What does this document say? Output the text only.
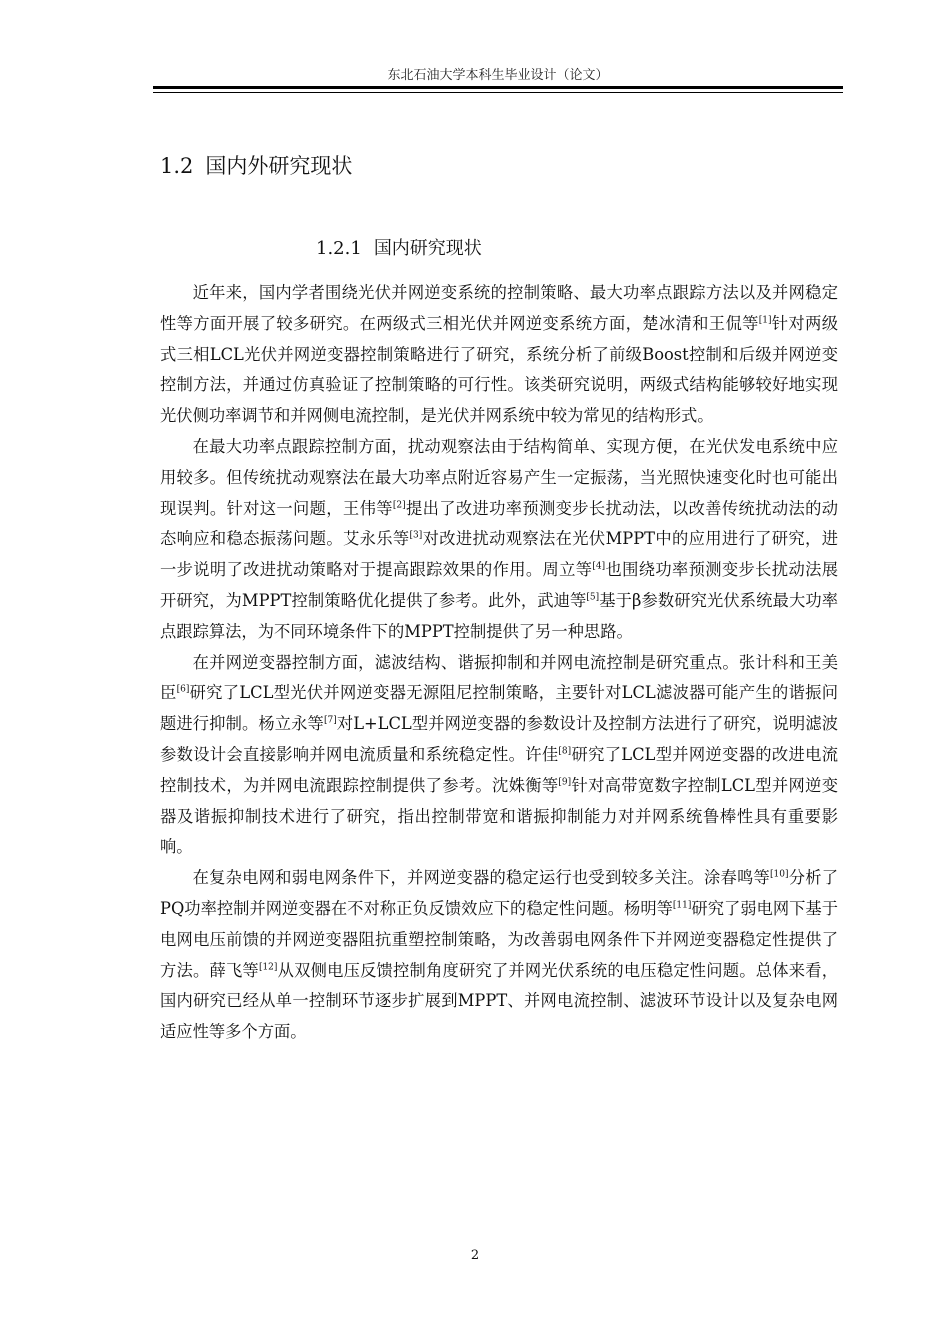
东北石油大学本科生毕业设计（论文）
1.2 国内外研究现状
1.2.1 国内研究现状

近年来，国内学者围绕光伏并网逆变系统的控制策略、最大功率点跟踪方法以及并网稳定性等方面开展了较多研究。在两级式三相光伏并网逆变系统方面，楚冰清和王侃等[1]针对两级式三相LCL光伏并网逆变器控制策略进行了研究，系统分析了前级Boost控制和后级并网逆变控制方法，并通过仿真验证了控制策略的可行性。该类研究说明，两级式结构能够较好地实现光伏侧功率调节和并网侧电流控制，是光伏并网系统中较为常见的结构形式。

在最大功率点跟踪控制方面，扰动观察法由于结构简单、实现方便，在光伏发电系统中应用较多。但传统扰动观察法在最大功率点附近容易产生一定振荡，当光照快速变化时也可能出现误判。针对这一问题，王伟等[2]提出了改进功率预测变步长扰动法，以改善传统扰动法的动态响应和稳态振荡问题。艾永乐等[3]对改进扰动观察法在光伏MPPT中的应用进行了研究，进一步说明了改进扰动策略对于提高跟踪效果的作用。周立等[4]也围绕功率预测变步长扰动法展开研究，为MPPT控制策略优化提供了参考。此外，武迪等[5]基于β参数研究光伏系统最大功率点跟踪算法，为不同环境条件下的MPPT控制提供了另一种思路。

在并网逆变器控制方面，滤波结构、谐振抑制和并网电流控制是研究重点。张计科和王美臣[6]研究了LCL型光伏并网逆变器无源阻尼控制策略，主要针对LCL滤波器可能产生的谐振问题进行抑制。杨立永等[7]对L+LCL型并网逆变器的参数设计及控制方法进行了研究，说明滤波参数设计会直接影响并网电流质量和系统稳定性。许佳[8]研究了LCL型并网逆变器的改进电流控制技术，为并网电流跟踪控制提供了参考。沈姝衡等[9]针对高带宽数字控制LCL型并网逆变器及谐振抑制技术进行了研究，指出控制带宽和谐振抑制能力对并网系统鲁棒性具有重要影响。

在复杂电网和弱电网条件下，并网逆变器的稳定运行也受到较多关注。涂春鸣等[10]分析了PQ功率控制并网逆变器在不对称正负反馈效应下的稳定性问题。杨明等[11]研究了弱电网下基于电网电压前馈的并网逆变器阻抗重塑控制策略，为改善弱电网条件下并网逆变器稳定性提供了方法。薛飞等[12]从双侧电压反馈控制角度研究了并网光伏系统的电压稳定性问题。总体来看，国内研究已经从单一控制环节逐步扩展到MPPT、并网电流控制、滤波环节设计以及复杂电网适应性等多个方面。

2
